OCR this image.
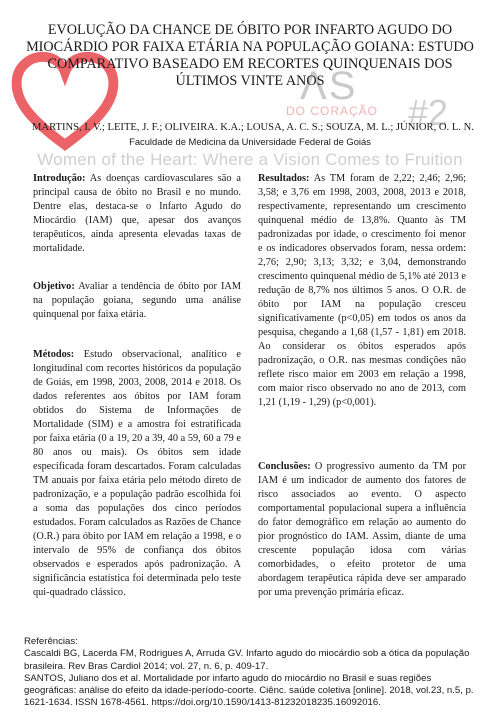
ΛS
DO CORAÇÃO #2
Women of the Heart: Where a Vision Comes to Fruition
EVOLUÇÃO DA CHANCE DE ÓBITO POR INFARTO AGUDO DO MIOCÁRDIO POR FAIXA ETÁRIA NA POPULAÇÃO GOIANA: ESTUDO COMPARATIVO BASEADO EM RECORTES QUINQUENAIS DOS ÚLTIMOS VINTE ANOS
MARTINS, I. V.; LEITE, J. F.; OLIVEIRA. K.A.; LOUSA, A. C. S.; SOUZA, M. L.; JÚNIOR, O. L. N.
Faculdade de Medicina da Universidade Federal de Goiás

Introdução: As doenças cardiovasculares são a principal causa de óbito no Brasil e no mundo. Dentre elas, destaca-se o Infarto Agudo do Miocárdio (IAM) que, apesar dos avanços terapêuticos, ainda apresenta elevadas taxas de mortalidade.

Objetivo: Avaliar a tendência de óbito por IAM na população goiana, segundo uma análise quinquenal por faixa etária.

Métodos: Estudo observacional, analítico e longitudinal com recortes históricos da população de Goiás, em 1998, 2003, 2008, 2014 e 2018. Os dados referentes aos óbitos por IAM foram obtidos do Sistema de Informações de Mortalidade (SIM) e a amostra foi estratificada por faixa etária (0 a 19, 20 a 39, 40 a 59, 60 a 79 e 80 anos ou mais). Os óbitos sem idade especificada foram descartados. Foram calculadas TM anuais por faixa etária pelo método direto de padronização, e a população padrão escolhida foi a soma das populações dos cinco períodos estudados. Foram calculados as Razões de Chance (O.R.) para óbito por IAM em relação a 1998, e o intervalo de 95% de confiança dos óbitos observados e esperados após padronização. A significância estatística foi determinada pelo teste qui-quadrado clássico.

Resultados: As TM foram de 2,22; 2,46; 2,96; 3,58; e 3,76 em 1998, 2003, 2008, 2013 e 2018, respectivamente, representando um crescimento quinquenal médio de 13,8%. Quanto às TM padronizadas por idade, o crescimento foi menor e os indicadores observados foram, nessa ordem: 2,76; 2,90; 3,13; 3,32; e 3,04, demonstrando crescimento quinquenal médio de 5,1% até 2013 e redução de 8,7% nos últimos 5 anos. O O.R. de óbito por IAM na população cresceu significativamente (p<0,05) em todos os anos da pesquisa, chegando a 1,68 (1,57 - 1,81) em 2018. Ao considerar os óbitos esperados após padronização, o O.R. nas mesmas condições não reflete risco maior em 2003 em relação a 1998, com maior risco observado no ano de 2013, com 1,21 (1,19 - 1,29) (p<0,001).

Conclusões: O progressivo aumento da TM por IAM é um indicador de aumento dos fatores de risco associados ao evento. O aspecto comportamental populacional supera a influência do fator demográfico em relação ao aumento do pior prognóstico do IAM. Assim, diante de uma crescente população idosa com várias comorbidades, o efeito protetor de uma abordagem terapêutica rápida deve ser amparado por uma prevenção primária eficaz.

Referências:

Cascaldi BG, Lacerda FM, Rodrigues A, Arruda GV. Infarto agudo do miocárdio sob a ótica da população brasileira. Rev Bras Cardiol 2014; vol. 27, n. 6, p. 409-17.

SANTOS, Juliano dos et al. Mortalidade por infarto agudo do miocárdio no Brasil e suas regiões geográficas: análise do efeito da idade-período-coorte. Ciênc. saúde coletiva [online]. 2018, vol.23, n.5, p. 1621-1634. ISSN 1678-4561. https://doi.org/10.1590/1413-81232018235.16092016.
